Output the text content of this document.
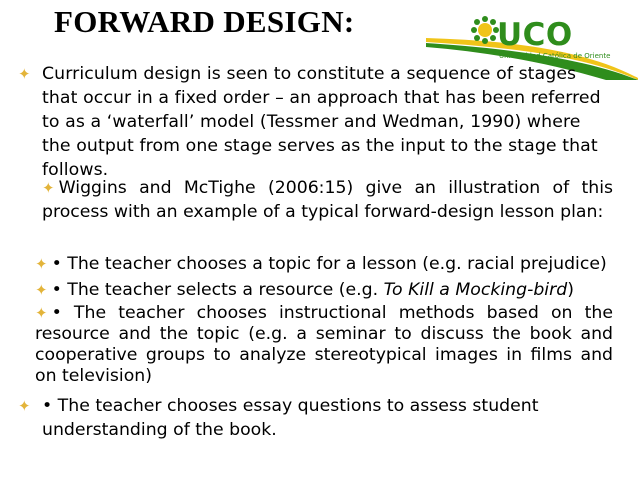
FORWARD DESIGN:	UCO
Universidad Católica de Oriente
✦ Curriculum design is seen to constitute a sequence of stages that occur in a fixed order – an approach that has been referred to as a ‘waterfall’ model (Tessmer and Wedman, 1990) where the output from one stage serves as the input to the stage that follows.
✦ Wiggins and McTighe (2006:15) give an illustration of this process with an example of a typical forward-design lesson plan:
✦ • The teacher chooses a topic for a lesson (e.g. racial prejudice)
✦ • The teacher selects a resource (e.g. To Kill a Mocking-bird)
✦ • The teacher chooses instructional methods based on the resource and the topic (e.g. a seminar to discuss the book and cooperative groups to analyze stereotypical images in films and on television)
✦ • The teacher chooses essay questions to assess student understanding of the book.
